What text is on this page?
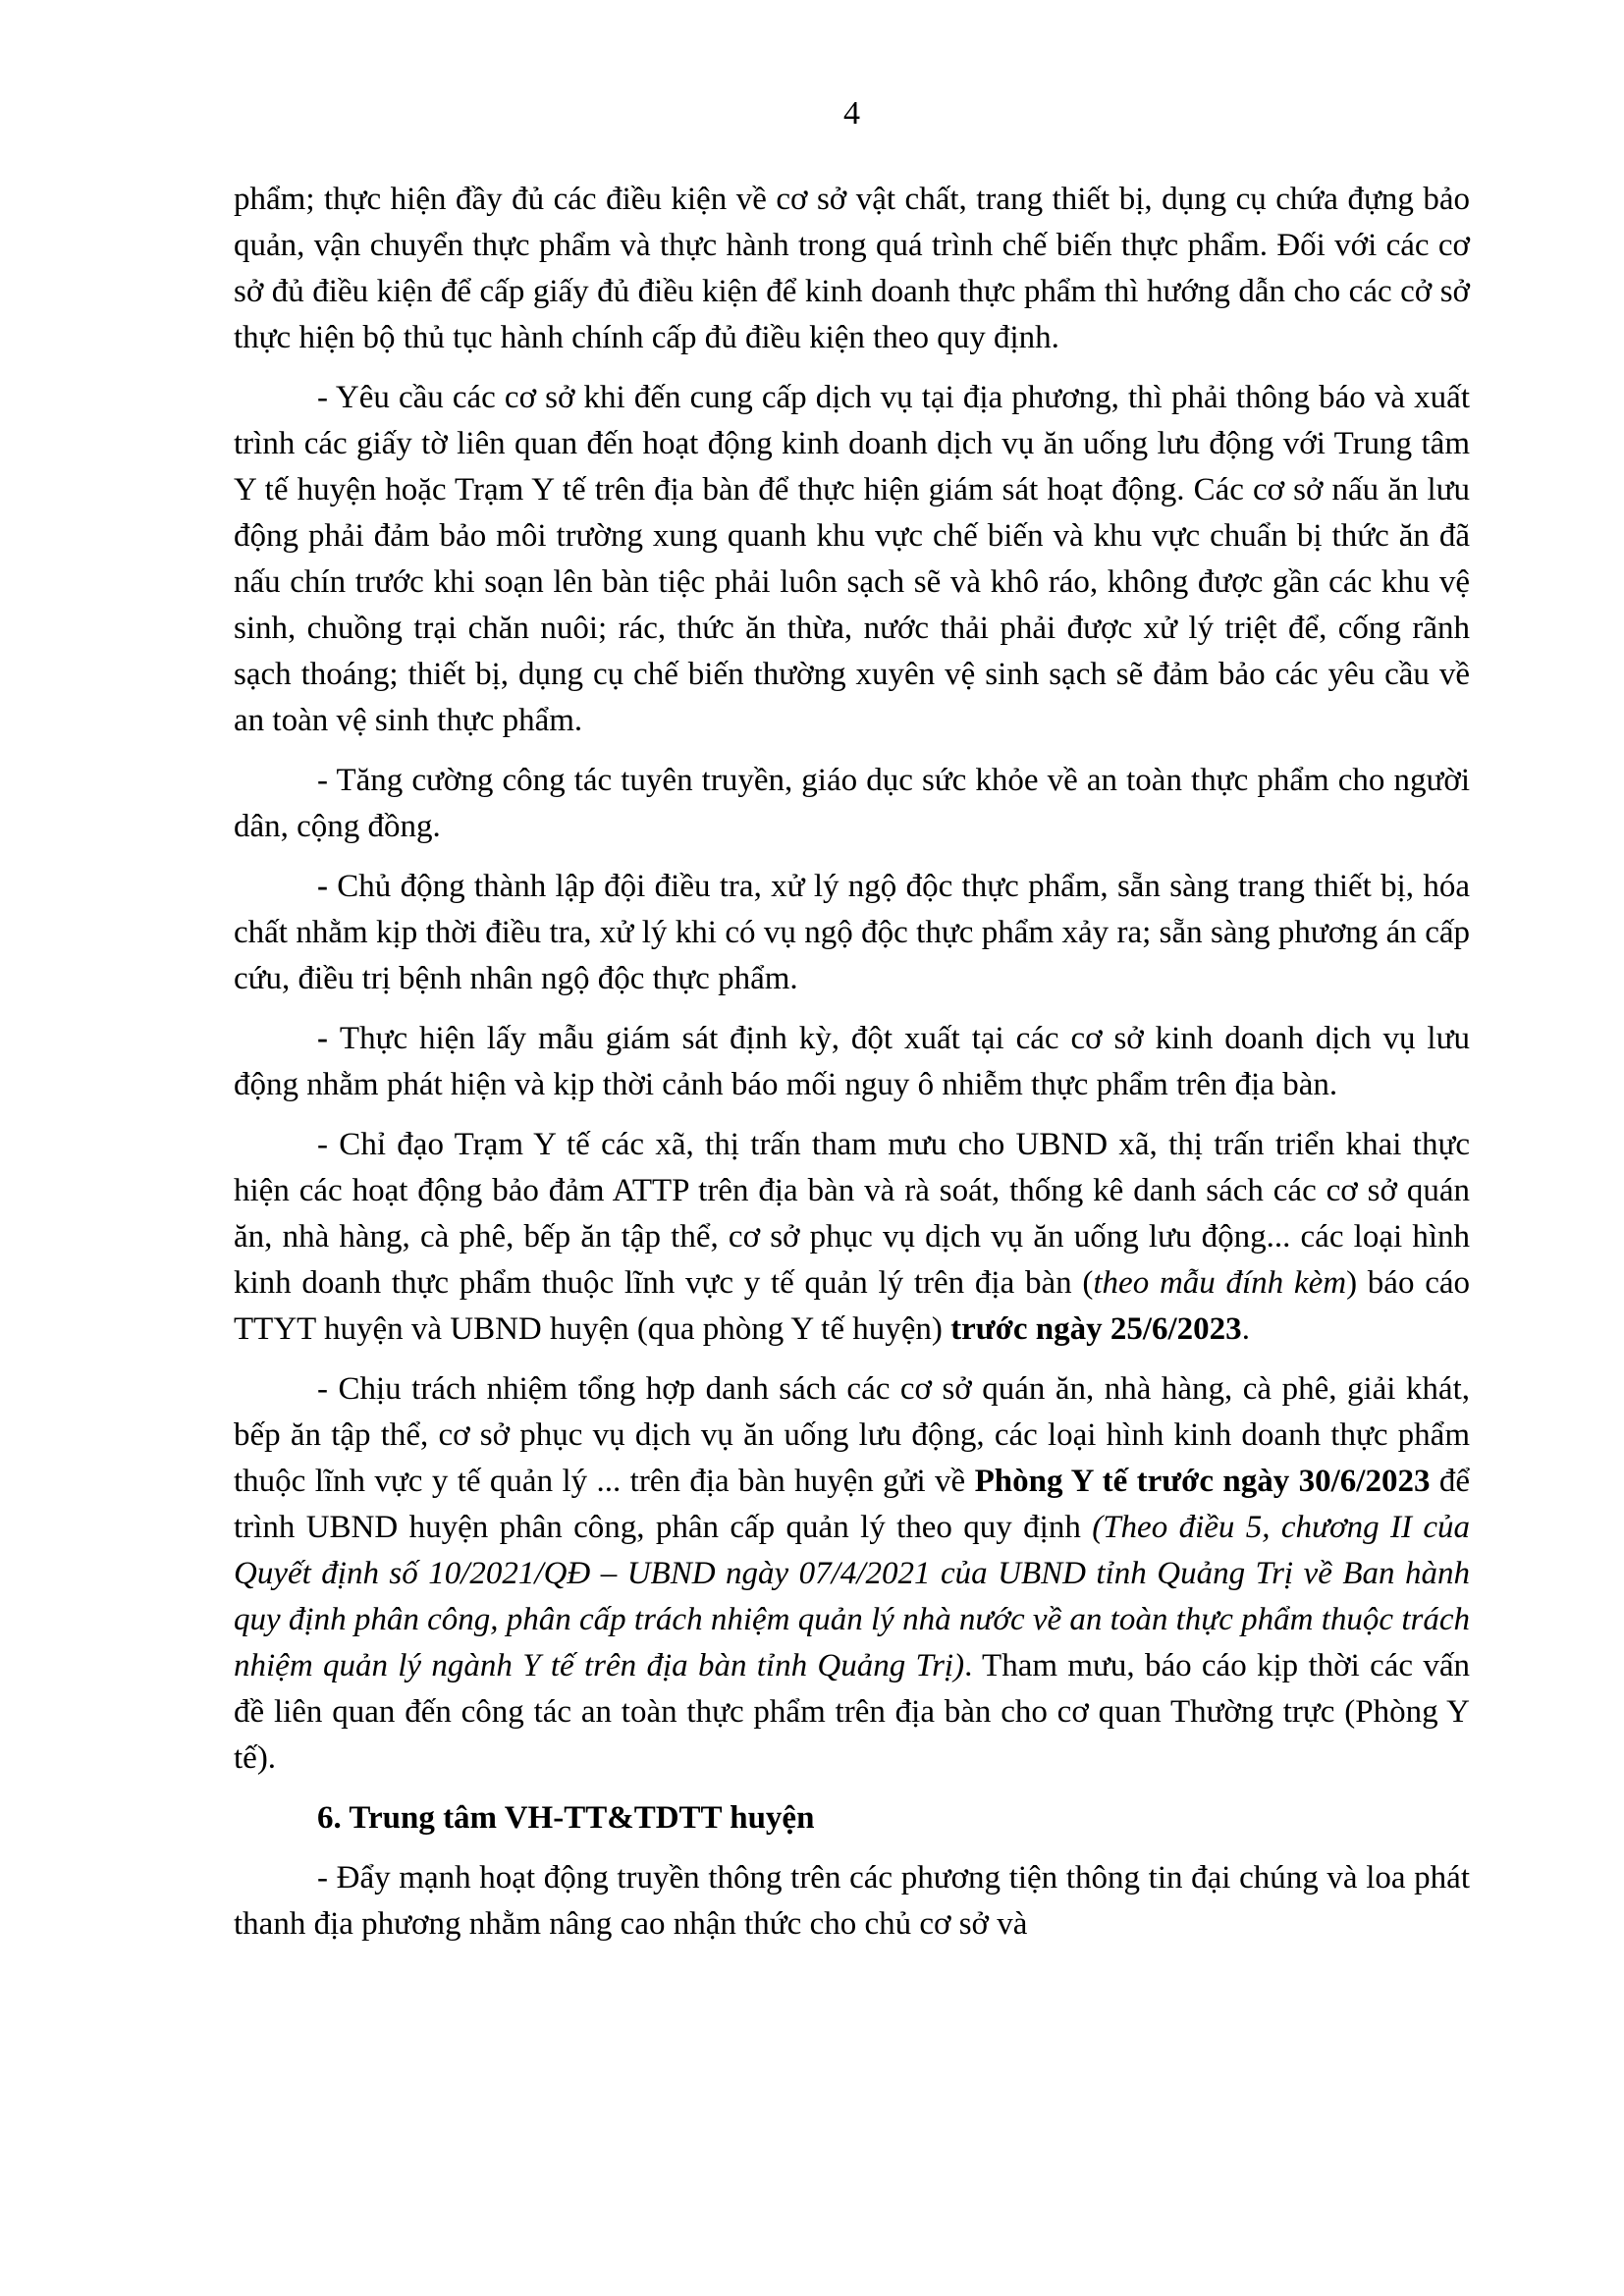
4

phẩm; thực hiện đầy đủ các điều kiện về cơ sở vật chất, trang thiết bị, dụng cụ chứa đựng bảo quản, vận chuyển thực phẩm và thực hành trong quá trình chế biến thực phẩm. Đối với các cơ sở đủ điều kiện để cấp giấy đủ điều kiện để kinh doanh thực phẩm thì hướng dẫn cho các cở sở thực hiện bộ thủ tục hành chính cấp đủ điều kiện theo quy định.

- Yêu cầu các cơ sở khi đến cung cấp dịch vụ tại địa phương, thì phải thông báo và xuất trình các giấy tờ liên quan đến hoạt động kinh doanh dịch vụ ăn uống lưu động với Trung tâm Y tế huyện hoặc Trạm Y tế trên địa bàn để thực hiện giám sát hoạt động. Các cơ sở nấu ăn lưu động phải đảm bảo môi trường xung quanh khu vực chế biến và khu vực chuẩn bị thức ăn đã nấu chín trước khi soạn lên bàn tiệc phải luôn sạch sẽ và khô ráo, không được gần các khu vệ sinh, chuồng trại chăn nuôi; rác, thức ăn thừa, nước thải phải được xử lý triệt để, cống rãnh sạch thoáng; thiết bị, dụng cụ chế biến thường xuyên vệ sinh sạch sẽ đảm bảo các yêu cầu về an toàn vệ sinh thực phẩm.

- Tăng cường công tác tuyên truyền, giáo dục sức khỏe về an toàn thực phẩm cho người dân, cộng đồng.

- Chủ động thành lập đội điều tra, xử lý ngộ độc thực phẩm, sẵn sàng trang thiết bị, hóa chất nhằm kịp thời điều tra, xử lý khi có vụ ngộ độc thực phẩm xảy ra; sẵn sàng phương án cấp cứu, điều trị bệnh nhân ngộ độc thực phẩm.

- Thực hiện lấy mẫu giám sát định kỳ, đột xuất tại các cơ sở kinh doanh dịch vụ lưu động nhằm phát hiện và kịp thời cảnh báo mối nguy ô nhiễm thực phẩm trên địa bàn.

- Chỉ đạo Trạm Y tế các xã, thị trấn tham mưu cho UBND xã, thị trấn triển khai thực hiện các hoạt động bảo đảm ATTP trên địa bàn và rà soát, thống kê danh sách các cơ sở quán ăn, nhà hàng, cà phê, bếp ăn tập thể, cơ sở phục vụ dịch vụ ăn uống lưu động... các loại hình kinh doanh thực phẩm thuộc lĩnh vực y tế quản lý trên địa bàn (theo mẫu đính kèm) báo cáo TTYT huyện và UBND huyện (qua phòng Y tế huyện) trước ngày 25/6/2023.

- Chịu trách nhiệm tổng hợp danh sách các cơ sở quán ăn, nhà hàng, cà phê, giải khát, bếp ăn tập thể, cơ sở phục vụ dịch vụ ăn uống lưu động, các loại hình kinh doanh thực phẩm thuộc lĩnh vực y tế quản lý ... trên địa bàn huyện gửi về Phòng Y tế trước ngày 30/6/2023 để trình UBND huyện phân công, phân cấp quản lý theo quy định (Theo điều 5, chương II của Quyết định số 10/2021/QĐ – UBND ngày 07/4/2021 của UBND tỉnh Quảng Trị về Ban hành quy định phân công, phân cấp trách nhiệm quản lý nhà nước về an toàn thực phẩm thuộc trách nhiệm quản lý ngành Y tế trên địa bàn tỉnh Quảng Trị). Tham mưu, báo cáo kịp thời các vấn đề liên quan đến công tác an toàn thực phẩm trên địa bàn cho cơ quan Thường trực (Phòng Y tế).

6. Trung tâm VH-TT&TDTT huyện

- Đẩy mạnh hoạt động truyền thông trên các phương tiện thông tin đại chúng và loa phát thanh địa phương nhằm nâng cao nhận thức cho chủ cơ sở và
